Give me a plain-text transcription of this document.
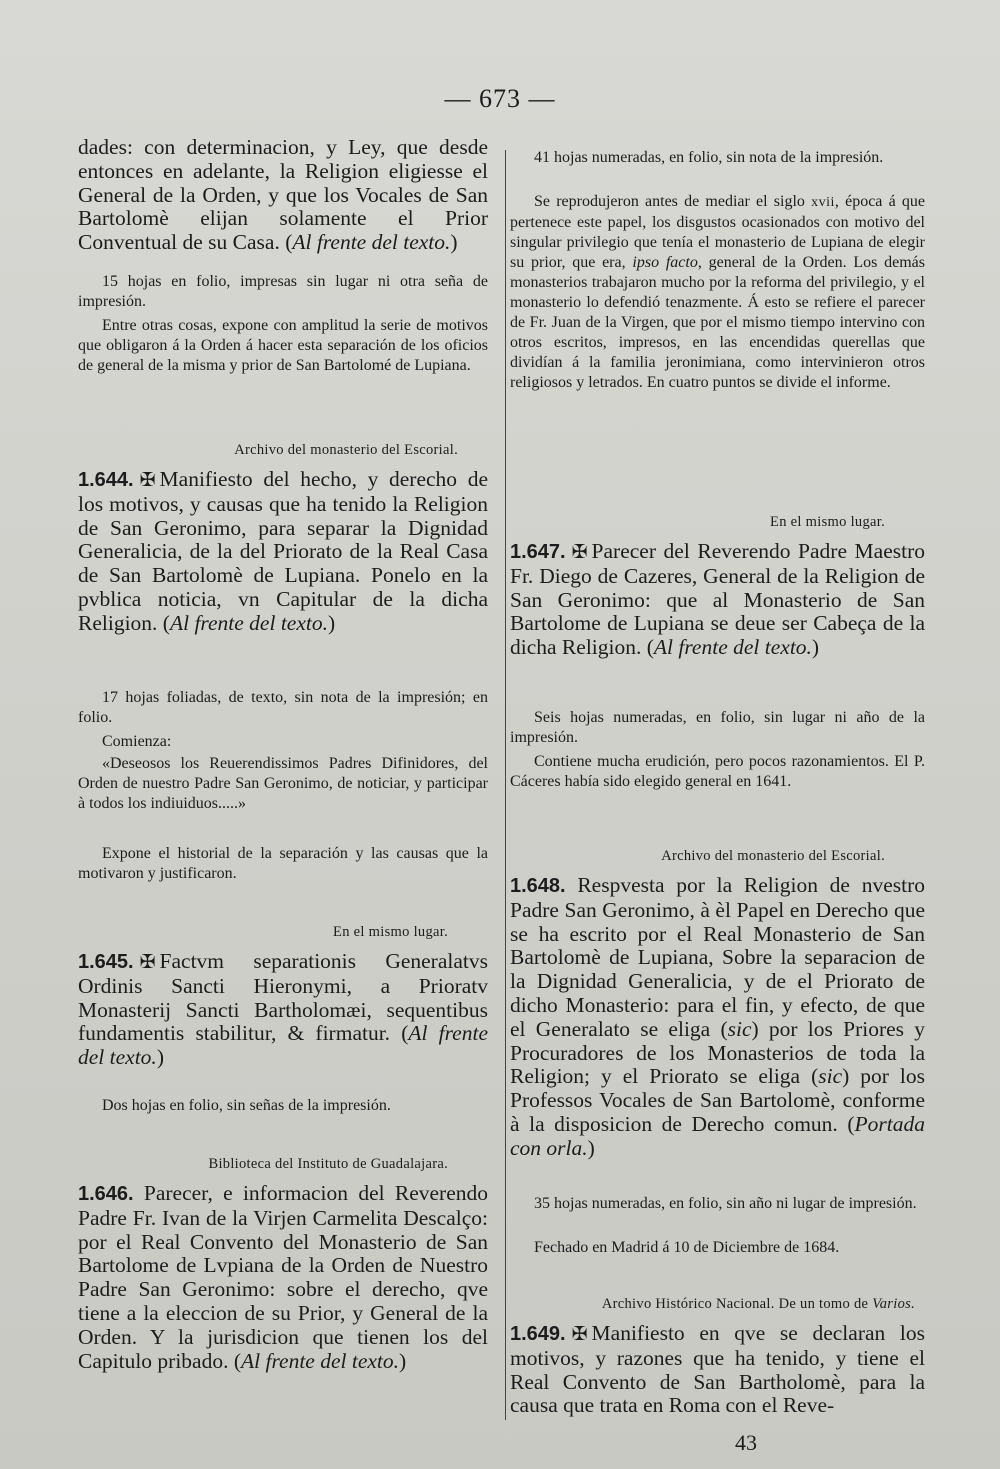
— 673 —

dades: con determinacion, y Ley, que desde entonces en adelante, la Religion eligiesse el General de la Orden, y que los Vocales de San Bartolomè elijan solamente el Prior Conventual de su Casa. (Al frente del texto.)

15 hojas en folio, impresas sin lugar ni otra seña de impresión.

Entre otras cosas, expone con amplitud la serie de motivos que obligaron á la Orden á hacer esta separación de los oficios de general de la misma y prior de San Bartolomé de Lupiana.

Archivo del monasterio del Escorial.

1.644. ✠ Manifiesto del hecho, y derecho de los motivos, y causas que ha tenido la Religion de San Geronimo, para separar la Dignidad Generalicia, de la del Priorato de la Real Casa de San Bartolomè de Lupiana. Ponelo en la pvblica noticia, vn Capitular de la dicha Religion. (Al frente del texto.)

17 hojas foliadas, de texto, sin nota de la impresión; en folio.

Comienza:

«Deseosos los Reuerendissimos Padres Difinidores, del Orden de nuestro Padre San Geronimo, de noticiar, y participar à todos los indiuiduos.....»

Expone el historial de la separación y las causas que la motivaron y justificaron.

En el mismo lugar.

1.645. ✠ Factvm separationis Generalatvs Ordinis Sancti Hieronymi, a Prioratv Monasterij Sancti Bartholomæi, sequentibus fundamentis stabilitur, & firmatur. (Al frente del texto.)

Dos hojas en folio, sin señas de la impresión.

Biblioteca del Instituto de Guadalajara.

1.646. Parecer, e informacion del Reverendo Padre Fr. Ivan de la Virjen Carmelita Descalço: por el Real Convento del Monasterio de San Bartolome de Lvpiana de la Orden de Nuestro Padre San Geronimo: sobre el derecho, qve tiene a la eleccion de su Prior, y General de la Orden. Y la jurisdicion que tienen los del Capitulo pribado. (Al frente del texto.)

41 hojas numeradas, en folio, sin nota de la impresión.

Se reprodujeron antes de mediar el siglo xvii, época á que pertenece este papel, los disgustos ocasionados con motivo del singular privilegio que tenía el monasterio de Lupiana de elegir su prior, que era, ipso facto, general de la Orden. Los demás monasterios trabajaron mucho por la reforma del privilegio, y el monasterio lo defendió tenazmente. Á esto se refiere el parecer de Fr. Juan de la Virgen, que por el mismo tiempo intervino con otros escritos, impresos, en las encendidas querellas que dividían á la familia jeronimiana, como intervinieron otros religiosos y letrados. En cuatro puntos se divide el informe.

En el mismo lugar.

1.647. ✠ Parecer del Reverendo Padre Maestro Fr. Diego de Cazeres, General de la Religion de San Geronimo: que al Monasterio de San Bartolome de Lupiana se deue ser Cabeça de la dicha Religion. (Al frente del texto.)

Seis hojas numeradas, en folio, sin lugar ni año de la impresión.

Contiene mucha erudición, pero pocos razonamientos. El P. Cáceres había sido elegido general en 1641.

Archivo del monasterio del Escorial.

1.648. Respvesta por la Religion de nvestro Padre San Geronimo, à èl Papel en Derecho que se ha escrito por el Real Monasterio de San Bartolomè de Lupiana, Sobre la separacion de la Dignidad Generalicia, y de el Priorato de dicho Monasterio: para el fin, y efecto, de que el Generalato se eliga (sic) por los Priores y Procuradores de los Monasterios de toda la Religion; y el Priorato se eliga (sic) por los Professos Vocales de San Bartolomè, conforme à la disposicion de Derecho comun. (Portada con orla.)

35 hojas numeradas, en folio, sin año ni lugar de impresión.

Fechado en Madrid á 10 de Diciembre de 1684.

Archivo Histórico Nacional. De un tomo de Varios.

1.649. ✠ Manifiesto en qve se declaran los motivos, y razones que ha tenido, y tiene el Real Convento de San Bartholomè, para la causa que trata en Roma con el Reve-

43
